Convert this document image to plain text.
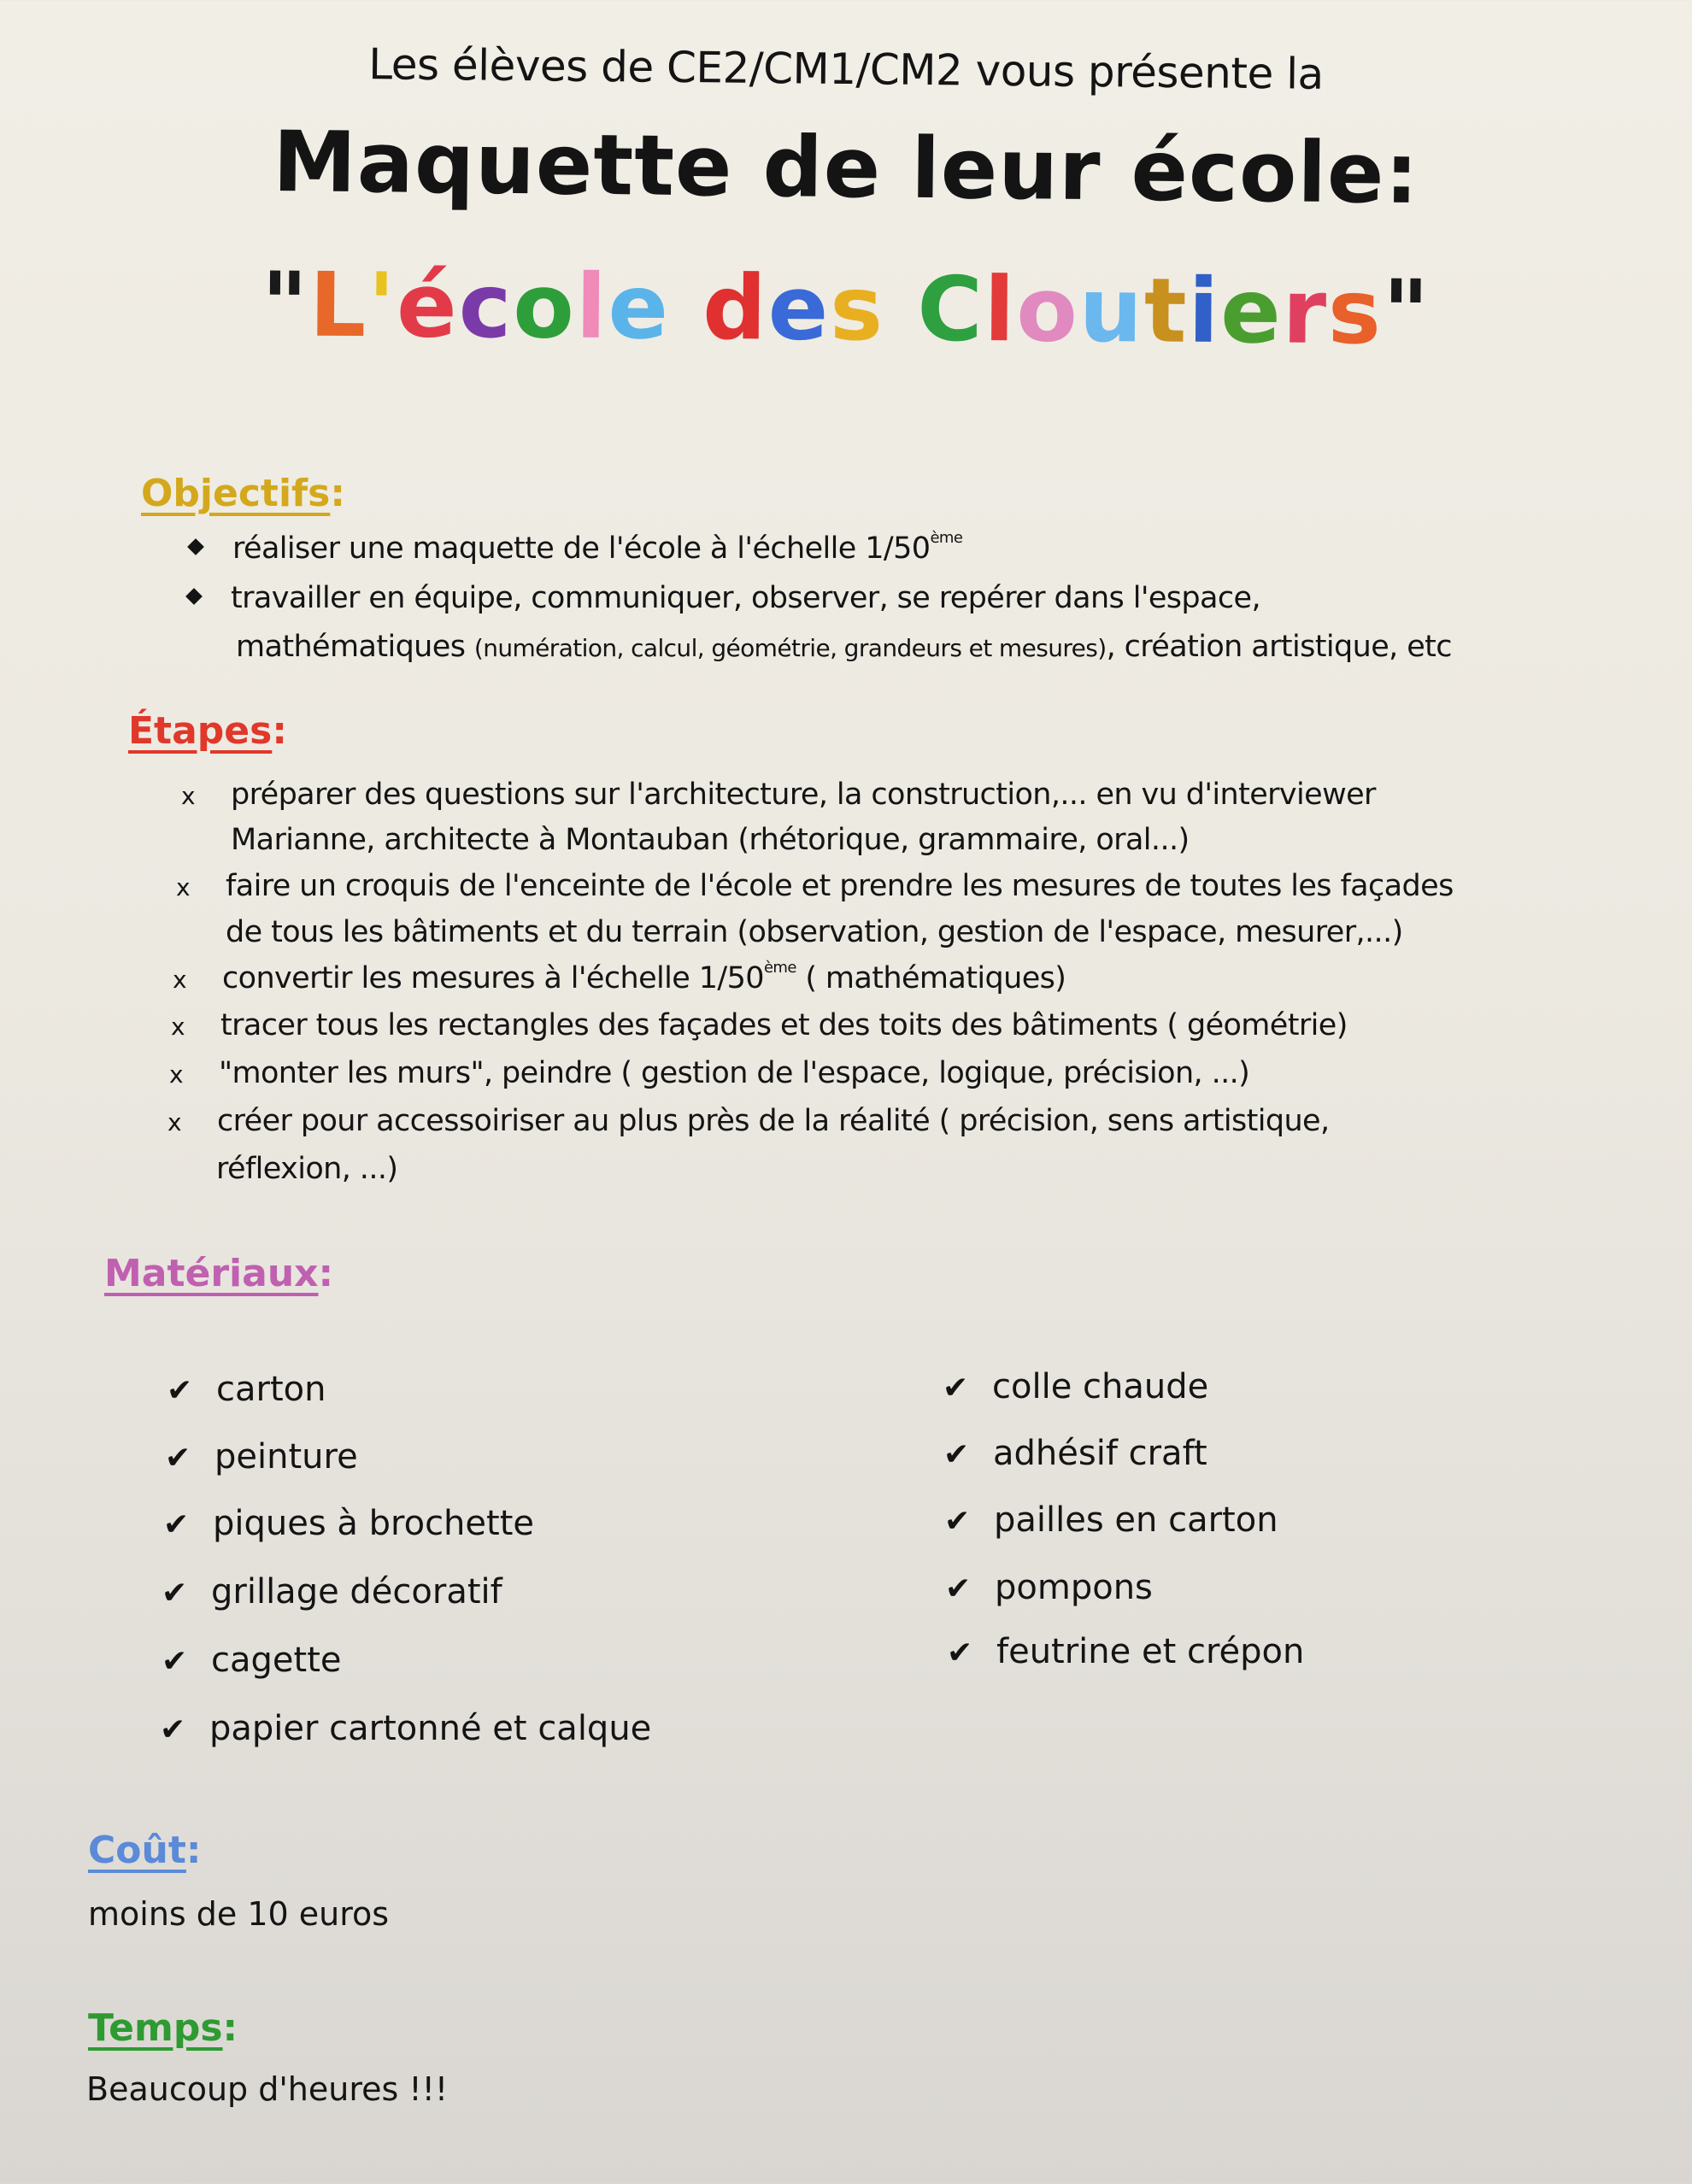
Les élèves de CE2/CM1/CM2 vous présente la
Maquette de leur école:
"L'école des Cloutiers"
Objectifs:
réaliser une maquette de l'école à l'échelle 1/50ème
travailler en équipe, communiquer, observer, se repérer dans l'espace,
mathématiques (numération, calcul, géométrie, grandeurs et mesures), création artistique, etc
Étapes:
x préparer des questions sur l'architecture, la construction,... en vu d'interviewer
Marianne, architecte à Montauban (rhétorique, grammaire, oral...)
x faire un croquis de l'enceinte de l'école et prendre les mesures de toutes les façades
de tous les bâtiments et du terrain (observation, gestion de l'espace, mesurer,...)
x convertir les mesures à l'échelle 1/50ème ( mathématiques)
x tracer tous les rectangles des façades et des toits des bâtiments ( géométrie)
x "monter les murs", peindre ( gestion de l'espace, logique, précision, ...)
x créer pour accessoiriser au plus près de la réalité ( précision, sens artistique,
réflexion, ...)
Matériaux:
✔ carton
✔ peinture
✔ piques à brochette
✔ grillage décoratif
✔ cagette
✔ papier cartonné et calque
✔ colle chaude
✔ adhésif craft
✔ pailles en carton
✔ pompons
✔ feutrine et crépon
Coût:
moins de 10 euros
Temps:
Beaucoup d'heures !!!
